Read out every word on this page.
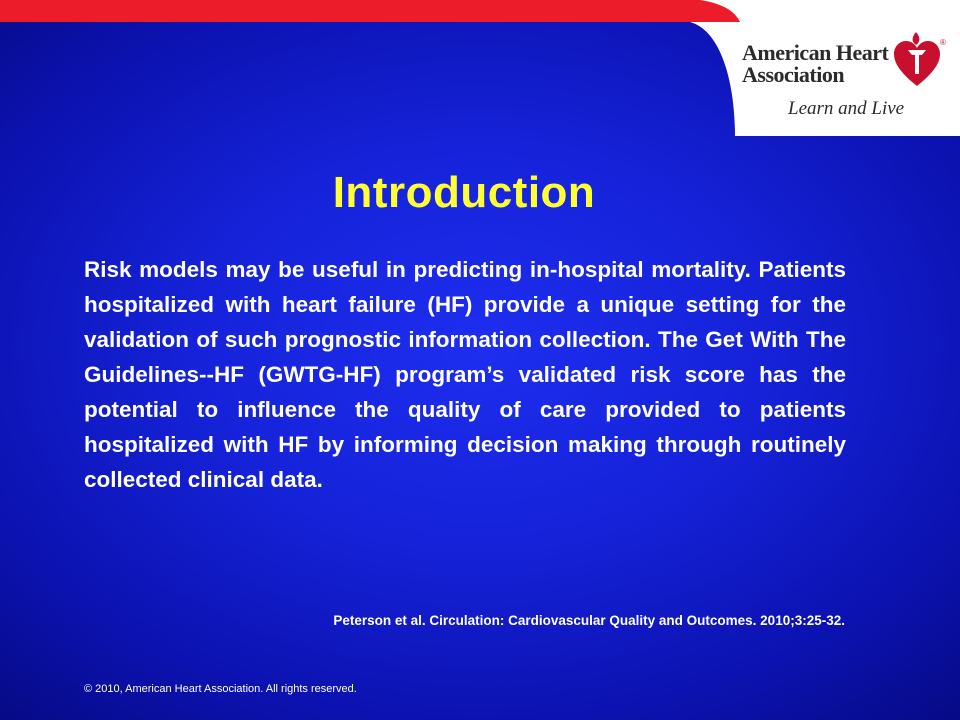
American Heart
Association
Learn and Live
®
Introduction
Risk models may be useful in predicting in-hospital mortality. Patients hospitalized with heart failure (HF) provide a unique setting for the validation of such prognostic information collection. The Get With The Guidelines--HF (GWTG-HF) program’s validated risk score has the potential to influence the quality of care provided to patients hospitalized with HF by informing decision making through routinely collected clinical data.
Peterson et al. Circulation: Cardiovascular Quality and Outcomes. 2010;3:25-32.
© 2010, American Heart Association. All rights reserved.
